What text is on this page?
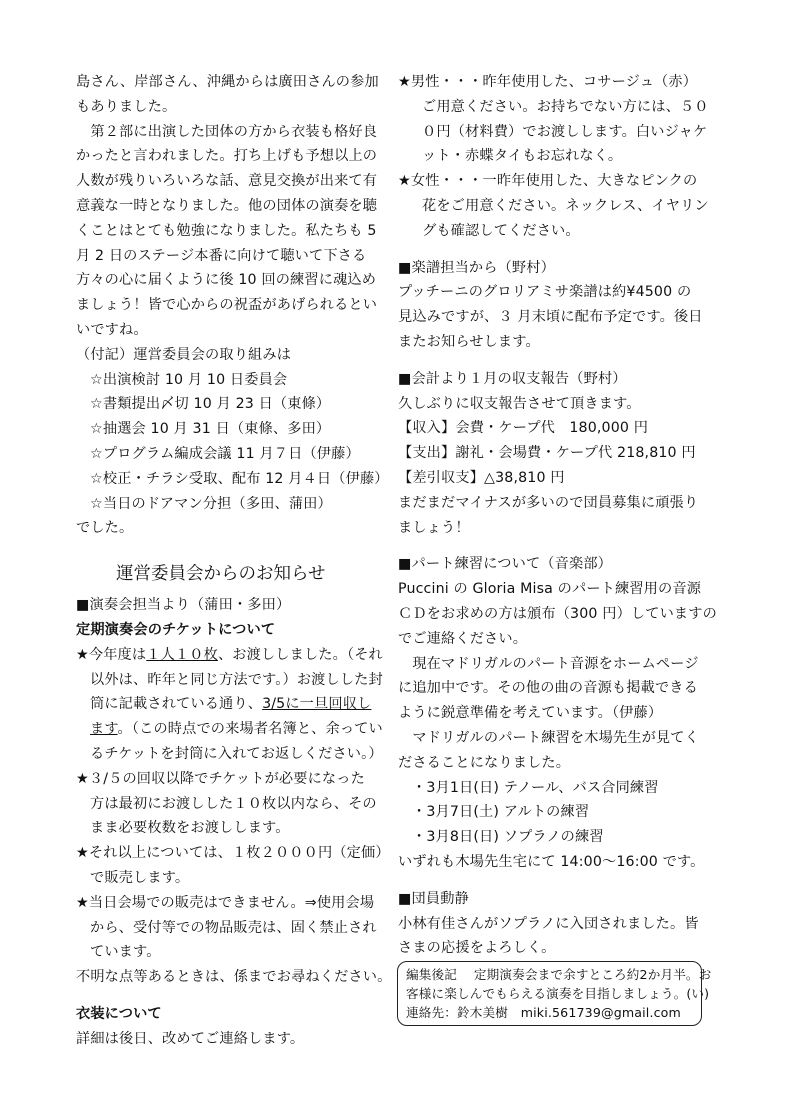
島さん、岸部さん、沖縄からは廣田さんの参加
もありました。
　第２部に出演した団体の方から衣装も格好良
かったと言われました。打ち上げも予想以上の
人数が残りいろいろな話、意見交換が出来て有
意義な一時となりました。他の団体の演奏を聴
くことはとても勉強になりました。私たちも 5
月 2 日のステージ本番に向けて聴いて下さる
方々の心に届くように後 10 回の練習に魂込め
ましょう！皆で心からの祝盃があげられるとい
いですね。
（付記）運営委員会の取り組みは
☆出演検討 10 月 10 日委員会
☆書類提出〆切 10 月 23 日（東條）
☆抽選会 10 月 31 日（東條、多田）
☆プログラム編成会議 11 月７日（伊藤）
☆校正・チラシ受取、配布 12 月４日（伊藤）
☆当日のドアマン分担（多田、蒲田）
でした。
運営委員会からのお知らせ
■演奏会担当より（蒲田・多田）
定期演奏会のチケットについて
★今年度は１人１０枚、お渡ししました。（それ
以外は、昨年と同じ方法です。）お渡しした封
筒に記載されている通り、3/5に一旦回収し
ます。（この時点での来場者名簿と、余ってい
るチケットを封筒に入れてお返しください。）
★３/５の回収以降でチケットが必要になった
方は最初にお渡しした１０枚以内なら、その
まま必要枚数をお渡しします。
★それ以上については、１枚２０００円（定価）
で販売します。
★当日会場での販売はできません。⇒使用会場
から、受付等での物品販売は、固く禁止され
ています。
不明な点等あるときは、係までお尋ねください。
衣装について
詳細は後日、改めてご連絡します。
★男性・・・昨年使用した、コサージュ（赤）
ご用意ください。お持ちでない方には、５０
０円（材料費）でお渡しします。白いジャケ
ット・赤蝶タイもお忘れなく。
★女性・・・一昨年使用した、大きなピンクの
花をご用意ください。ネックレス、イヤリン
グも確認してください。
■楽譜担当から（野村）
プッチーニのグロリアミサ楽譜は約¥4500 の
見込みですが、３ 月末頃に配布予定です。後日
またお知らせします。
■会計より１月の収支報告（野村）
久しぶりに収支報告させて頂きます。
【収入】会費・ケープ代　180,000 円
【支出】謝礼・会場費・ケープ代 218,810 円
【差引収支】△38,810 円
まだまだマイナスが多いので団員募集に頑張り
ましょう！
■パート練習について（音楽部）
Puccini の Gloria Misa のパート練習用の音源
ＣＤをお求めの方は頒布（300 円）していますの
でご連絡ください。
　現在マドリガルのパート音源をホームページ
に追加中です。その他の曲の音源も掲載できる
ように鋭意準備を考えています。（伊藤）
　マドリガルのパート練習を木場先生が見てく
ださることになりました。
・3月1日(日) テノール、バス合同練習
・3月7日(土) アルトの練習
・3月8日(日) ソプラノの練習
いずれも木場先生宅にて 14:00～16:00 です。
■団員動静
小林有佳さんがソプラノに入団されました。皆
さまの応援をよろしく。
編集後記　 定期演奏会まで余すところ約2か月半。お
客様に楽しんでもらえる演奏を目指しましょう。(い)
連絡先：鈴木美樹　miki.561739@gmail.com
